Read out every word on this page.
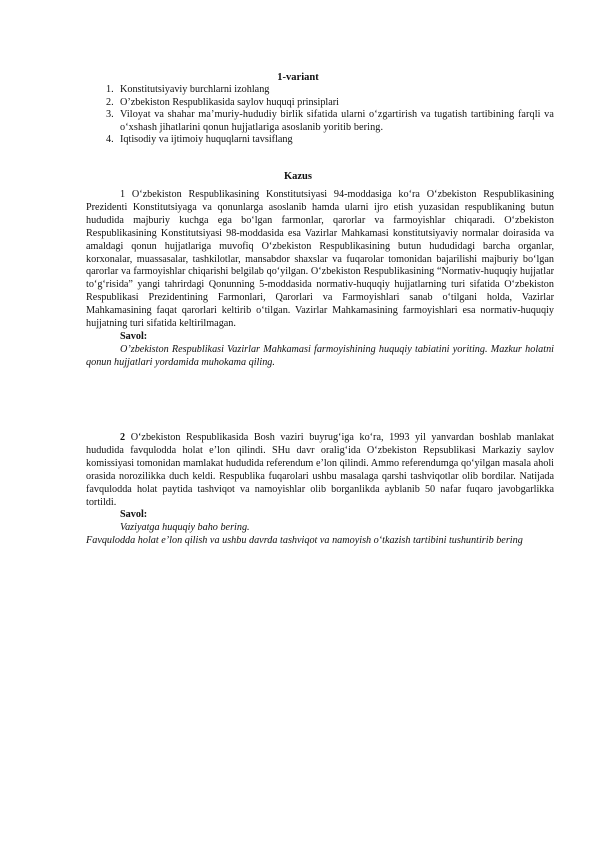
1-variant
1. Konstitutsiyaviy burchlarni izohlang
2. O’zbekiston Respublikasida saylov huquqi prinsiplari
3. Viloyat va shahar ma’muriy-hududiy birlik sifatida ularni o‘zgartirish va tugatish tartibining farqli va o‘xshash jihatlarini qonun hujjatlariga asoslanib yoritib bering.
4. Iqtisodiy va ijtimoiy huquqlarni tavsiflang
Kazus

1 O‘zbekiston Respublikasining Konstitutsiyasi 94-moddasiga ko‘ra O‘zbekiston Respublikasining Prezidenti Konstitutsiyaga va qonunlarga asoslanib hamda ularni ijro etish yuzasidan respublikaning butun hududida majburiy kuchga ega bo‘lgan farmonlar, qarorlar va farmoyishlar chiqaradi. O‘zbekiston Respublikasining Konstitutsiyasi 98-moddasida esa Vazirlar Mahkamasi konstitutsiyaviy normalar doirasida va amaldagi qonun hujjatlariga muvofiq O‘zbekiston Respublikasining butun hududidagi barcha organlar, korxonalar, muassasalar, tashkilotlar, mansabdor shaxslar va fuqarolar tomonidan bajarilishi majburiy bo‘lgan qarorlar va farmoyishlar chiqarishi belgilab qo‘yilgan. O‘zbekiston Respublikasining “Normativ-huquqiy hujjatlar to‘g‘risida” yangi tahrirdagi Qonunning 5-moddasida normativ-huquqiy hujjatlarning turi sifatida O‘zbekiston Respublikasi Prezidentining Farmonlari, Qarorlari va Farmoyishlari sanab o‘tilgani holda, Vazirlar Mahkamasining faqat qarorlari keltirib o‘tilgan. Vazirlar Mahkamasining farmoyishlari esa normativ-huquqiy hujjatning turi sifatida keltirilmagan.

Savol:

O’zbekiston Respublikasi Vazirlar Mahkamasi farmoyishining huquqiy tabiatini yoriting. Mazkur holatni qonun hujjatlari yordamida muhokama qiling.

2 O‘zbekiston Respublikasida Bosh vaziri buyrug‘iga ko‘ra, 1993 yil yanvardan boshlab manlakat hududida favqulodda holat e’lon qilindi. SHu davr oralig‘ida O‘zbekiston Repsublikasi Markaziy saylov komissiyasi tomonidan mamlakat hududida referendum e’lon qilindi. Ammo referendumga qo‘yilgan masala aholi orasida norozilikka duch keldi. Respublika fuqarolari ushbu masalaga qarshi tashviqotlar olib bordilar. Natijada favqulodda holat paytida tashviqot va namoyishlar olib borganlikda ayblanib 50 nafar fuqaro javobgarlikka tortildi.

Savol:

Vaziyatga huquqiy baho bering.

Favqulodda holat e’lon qilish va ushbu davrda tashviqot va namoyish o‘tkazish tartibini tushuntirib bering
